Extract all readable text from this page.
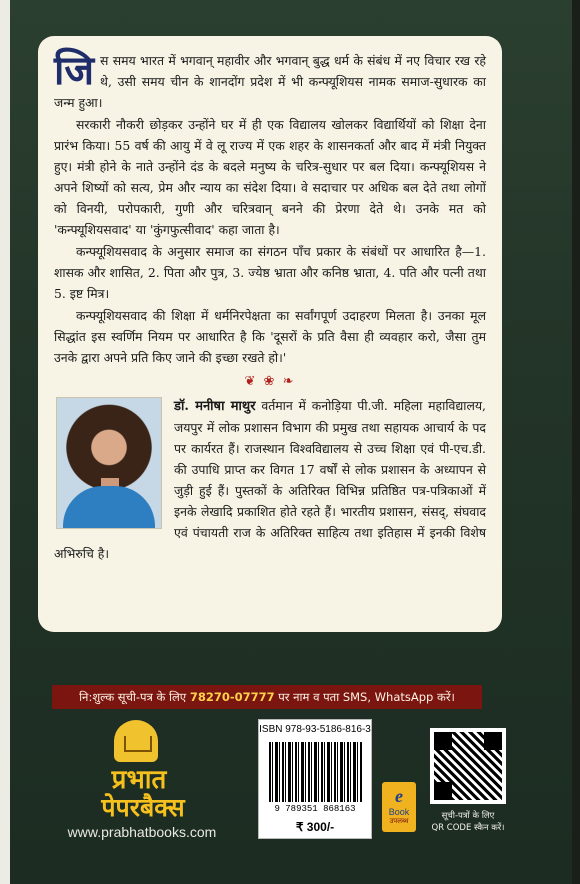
जिस समय भारत में भगवान् महावीर और भगवान् बुद्ध धर्म के संबंध में नए विचार रख रहे थे, उसी समय चीन के शानदोंग प्रदेश में भी कन्फ्यूशियस नामक समाज-सुधारक का जन्म हुआ।

सरकारी नौकरी छोड़कर उन्होंने घर में ही एक विद्यालय खोलकर विद्यार्थियों को शिक्षा देना प्रारंभ किया। 55 वर्ष की आयु में वे लू राज्य में एक शहर के शासनकर्ता और बाद में मंत्री नियुक्त हुए। मंत्री होने के नाते उन्होंने दंड के बदले मनुष्य के चरित्र-सुधार पर बल दिया। कन्फ्यूशियस ने अपने शिष्यों को सत्य, प्रेम और न्याय का संदेश दिया। वे सदाचार पर अधिक बल देते तथा लोगों को विनयी, परोपकारी, गुणी और चरित्रवान् बनने की प्रेरणा देते थे। उनके मत को 'कन्फ्यूशियसवाद' या 'कुंगफुत्सीवाद' कहा जाता है।

कन्फ्यूशियसवाद के अनुसार समाज का संगठन पाँच प्रकार के संबंधों पर आधारित है—1. शासक और शासित, 2. पिता और पुत्र, 3. ज्येष्ठ भ्राता और कनिष्ठ भ्राता, 4. पति और पत्नी तथा 5. इष्ट मित्र।

कन्फ्यूशियसवाद की शिक्षा में धर्मनिरपेक्षता का सर्वांगपूर्ण उदाहरण मिलता है। उनका मूल सिद्धांत इस स्वर्णिम नियम पर आधारित है कि 'दूसरों के प्रति वैसा ही व्यवहार करो, जैसा तुम उनके द्वारा अपने प्रति किए जाने की इच्छा रखते हो।'

❦ ❀ ❧

डॉ. मनीषा माथुर वर्तमान में कनोड़िया पी.जी. महिला महाविद्यालय, जयपुर में लोक प्रशासन विभाग की प्रमुख तथा सहायक आचार्य के पद पर कार्यरत हैं। राजस्थान विश्वविद्यालय से उच्च शिक्षा एवं पी-एच.डी. की उपाधि प्राप्त कर विगत 17 वर्षों से लोक प्रशासन के अध्यापन से जुड़ी हुई हैं। पुस्तकों के अतिरिक्त विभिन्न प्रतिष्ठित पत्र-पत्रिकाओं में इनके लेखादि प्रकाशित होते रहते हैं। भारतीय प्रशासन, संसद्, संघवाद एवं पंचायती राज के अतिरिक्त साहित्य तथा इतिहास में इनकी विशेष अभिरुचि है।

नि:शुल्क सूची-पत्र के लिए 78270-07777 पर नाम व पता SMS, WhatsApp करें।
प्रभात
पेपरबैक्स
www.prabhatbooks.com
ISBN 978-93-5186-816-3
9 789351 868163
₹ 300/-
e
Book
उपलब्ध	सूची-पत्रों के लिए
QR CODE स्कैन करें।
